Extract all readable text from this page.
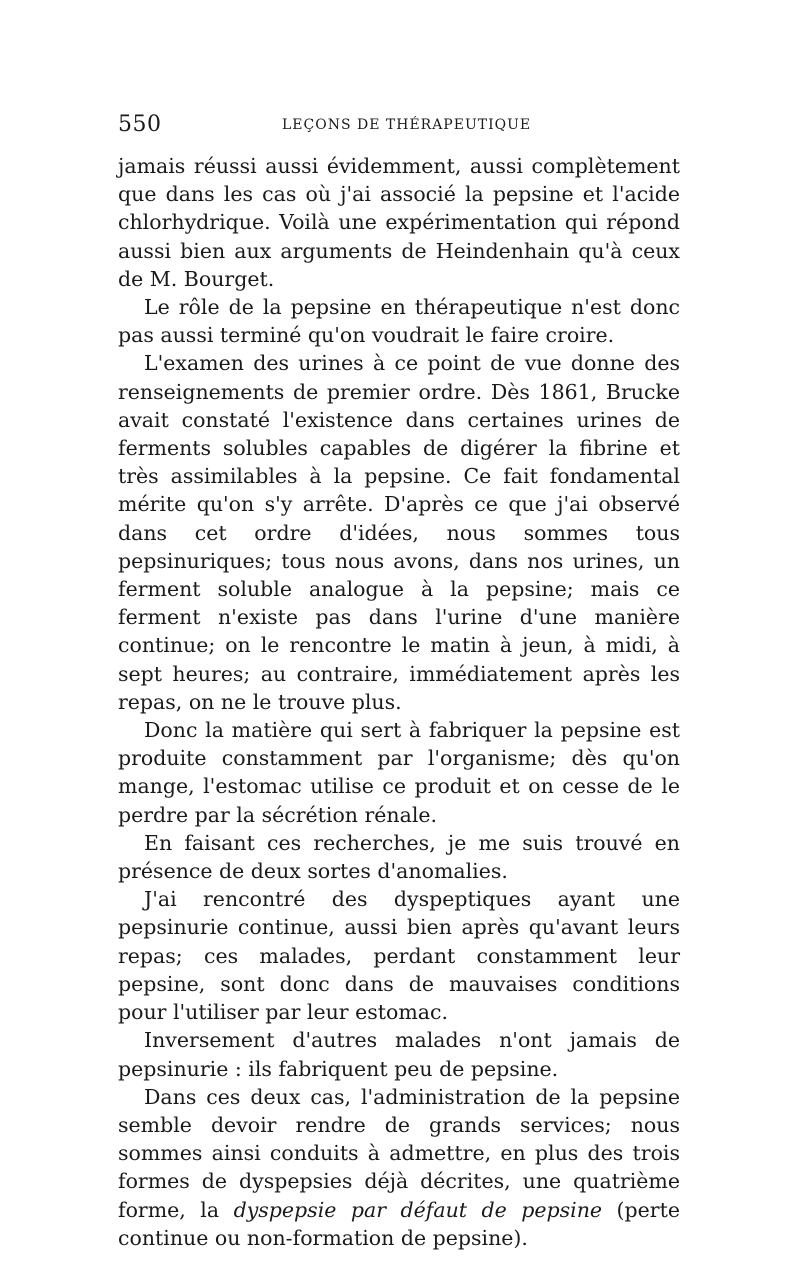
550	LEÇONS DE THÉRAPEUTIQUE

jamais réussi aussi évidemment, aussi complètement que dans les cas où j'ai associé la pepsine et l'acide chlorhydrique. Voilà une expérimentation qui répond aussi bien aux arguments de Heindenhain qu'à ceux de M. Bourget.

Le rôle de la pepsine en thérapeutique n'est donc pas aussi terminé qu'on voudrait le faire croire.

L'examen des urines à ce point de vue donne des renseignements de premier ordre. Dès 1861, Brucke avait constaté l'existence dans certaines urines de ferments solubles capables de digérer la fibrine et très assimilables à la pepsine. Ce fait fondamental mérite qu'on s'y arrête. D'après ce que j'ai observé dans cet ordre d'idées, nous sommes tous pepsinuriques; tous nous avons, dans nos urines, un ferment soluble analogue à la pepsine; mais ce ferment n'existe pas dans l'urine d'une manière continue; on le rencontre le matin à jeun, à midi, à sept heures; au contraire, immédiatement après les repas, on ne le trouve plus.

Donc la matière qui sert à fabriquer la pepsine est produite constamment par l'organisme; dès qu'on mange, l'estomac utilise ce produit et on cesse de le perdre par la sécrétion rénale.

En faisant ces recherches, je me suis trouvé en présence de deux sortes d'anomalies.

J'ai rencontré des dyspeptiques ayant une pepsinurie continue, aussi bien après qu'avant leurs repas; ces malades, perdant constamment leur pepsine, sont donc dans de mauvaises conditions pour l'utiliser par leur estomac.

Inversement d'autres malades n'ont jamais de pepsinurie : ils fabriquent peu de pepsine.

Dans ces deux cas, l'administration de la pepsine semble devoir rendre de grands services; nous sommes ainsi conduits à admettre, en plus des trois formes de dyspepsies déjà décrites, une quatrième forme, la dyspepsie par défaut de pepsine (perte continue ou non-formation de pepsine).
